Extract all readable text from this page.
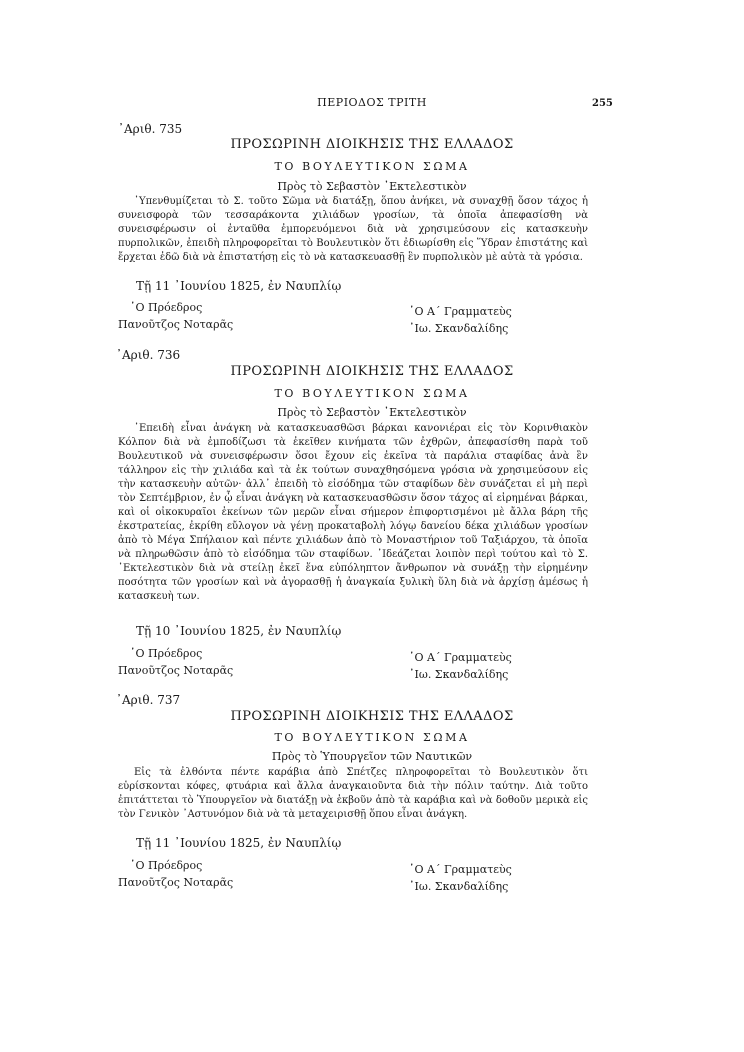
ΠΕΡΙΟΔΟΣ ΤΡΙΤΗ	255
᾿Αριθ. 735
ΠΡΟΣΩΡΙΝΗ ΔΙΟΙΚΗΣΙΣ ΤΗΣ ΕΛΛΑΔΟΣ
ΤΟ ΒΟΥΛΕΥΤΙΚΟΝ ΣΩΜΑ
Πρὸς τὸ Σεβαστὸν ᾿Εκτελεστικὸν

῾Υπενθυμίζεται τὸ Σ. τοῦτο Σῶμα νὰ διατάξῃ, ὅπου ἀνήκει, νὰ συναχθῇ ὅσον τάχος ἡ συνεισφορὰ τῶν τεσσαράκοντα χιλιάδων γροσίων, τὰ ὁποῖα ἀπεφασίσθη νὰ συνεισφέρωσιν οἱ ἐνταῦθα ἐμπορευόμενοι διὰ νὰ χρησιμεύσουν εἰς κατασκευὴν πυρπολικῶν, ἐπειδὴ πληροφορεῖται τὸ Βουλευτικὸν ὅτι ἐδιωρίσθη εἰς Ὕδραν ἐπιστάτης καὶ ἔρχεται ἐδῶ διὰ νὰ ἐπιστατήσῃ εἰς τὸ νὰ κατασκευασθῇ ἓν πυρπολικὸν μὲ αὐτὰ τὰ γρόσια.

Τῇ 11 ᾿Ιουνίου 1825, ἐν Ναυπλίῳ
῾Ο Πρόεδρος
Πανοῦτζος Νοταρᾶς
῾Ο Α΄ Γραμματεὺς
᾿Ιω. Σκανδαλίδης
᾿Αριθ. 736
ΠΡΟΣΩΡΙΝΗ ΔΙΟΙΚΗΣΙΣ ΤΗΣ ΕΛΛΑΔΟΣ
ΤΟ ΒΟΥΛΕΥΤΙΚΟΝ ΣΩΜΑ
Πρὸς τὸ Σεβαστὸν ᾿Εκτελεστικὸν

᾿Επειδὴ εἶναι ἀνάγκη νὰ κατασκευασθῶσι βάρκαι κανονιέραι εἰς τὸν Κορινθιακὸν Κόλπον διὰ νὰ ἐμποδίζωσι τὰ ἐκεῖθεν κινήματα τῶν ἐχθρῶν, ἀπεφασίσθη παρὰ τοῦ Βουλευτικοῦ νὰ συνεισφέρωσιν ὅσοι ἔχουν εἰς ἐκεῖνα τὰ παράλια σταφίδας ἀνὰ ἓν τάλληρον εἰς τὴν χιλιάδα καὶ τὰ ἐκ τούτων συναχθησόμενα γρόσια νὰ χρησιμεύσουν εἰς τὴν κατασκευὴν αὐτῶν· ἀλλ᾿ ἐπειδὴ τὸ εἰσόδημα τῶν σταφίδων δὲν συνάζεται εἰ μὴ περὶ τὸν Σεπτέμβριον, ἐν ᾧ εἶναι ἀνάγκη νὰ κατασκευασθῶσιν ὅσον τάχος αἱ εἰρημέναι βάρκαι, καὶ οἱ οἰκοκυραῖοι ἐκείνων τῶν μερῶν εἶναι σήμερον ἐπιφορτισμένοι μὲ ἄλλα βάρη τῆς ἐκστρατείας, ἐκρίθη εὔλογον νὰ γένῃ προκαταβολὴ λόγῳ δανείου δέκα χιλιάδων γροσίων ἀπὸ τὸ Μέγα Σπήλαιον καὶ πέντε χιλιάδων ἀπὸ τὸ Μοναστήριον τοῦ Ταξιάρχου, τὰ ὁποῖα νὰ πληρωθῶσιν ἀπὸ τὸ εἰσόδημα τῶν σταφίδων. ᾿Ιδεάζεται λοιπὸν περὶ τούτου καὶ τὸ Σ. ᾿Εκτελεστικὸν διὰ νὰ στείλῃ ἐκεῖ ἕνα εὐπόληπτον ἄνθρωπον νὰ συνάξῃ τὴν εἰρημένην ποσότητα τῶν γροσίων καὶ νὰ ἀγορασθῇ ἡ ἀναγκαία ξυλικὴ ὕλη διὰ νὰ ἀρχίσῃ ἀμέσως ἡ κατασκευὴ των.

Τῇ 10 ᾿Ιουνίου 1825, ἐν Ναυπλίῳ
῾Ο Πρόεδρος
Πανοῦτζος Νοταρᾶς
῾Ο Α΄ Γραμματεὺς
᾿Ιω. Σκανδαλίδης
᾿Αριθ. 737
ΠΡΟΣΩΡΙΝΗ ΔΙΟΙΚΗΣΙΣ ΤΗΣ ΕΛΛΑΔΟΣ
ΤΟ ΒΟΥΛΕΥΤΙΚΟΝ ΣΩΜΑ
Πρὸς τὸ Ὑπουργεῖον τῶν Ναυτικῶν

Εἰς τὰ ἐλθόντα πέντε καράβια ἀπὸ Σπέτζες πληροφορεῖται τὸ Βουλευτικὸν ὅτι εὑρίσκονται κόφες, φτυάρια καὶ ἄλλα ἀναγκαιοῦντα διὰ τὴν πόλιν ταύτην. Διὰ τοῦτο ἐπιτάττεται τὸ Ὑπουργεῖον νὰ διατάξῃ νὰ ἐκβοῦν ἀπὸ τὰ καράβια καὶ νὰ δοθοῦν μερικὰ εἰς τὸν Γενικὸν ᾿Αστυνόμον διὰ νὰ τὰ μεταχειρισθῇ ὅπου εἶναι ἀνάγκη.

Τῇ 11 ᾿Ιουνίου 1825, ἐν Ναυπλίῳ
῾Ο Πρόεδρος
Πανοῦτζος Νοταρᾶς
῾Ο Α΄ Γραμματεὺς
᾿Ιω. Σκανδαλίδης
